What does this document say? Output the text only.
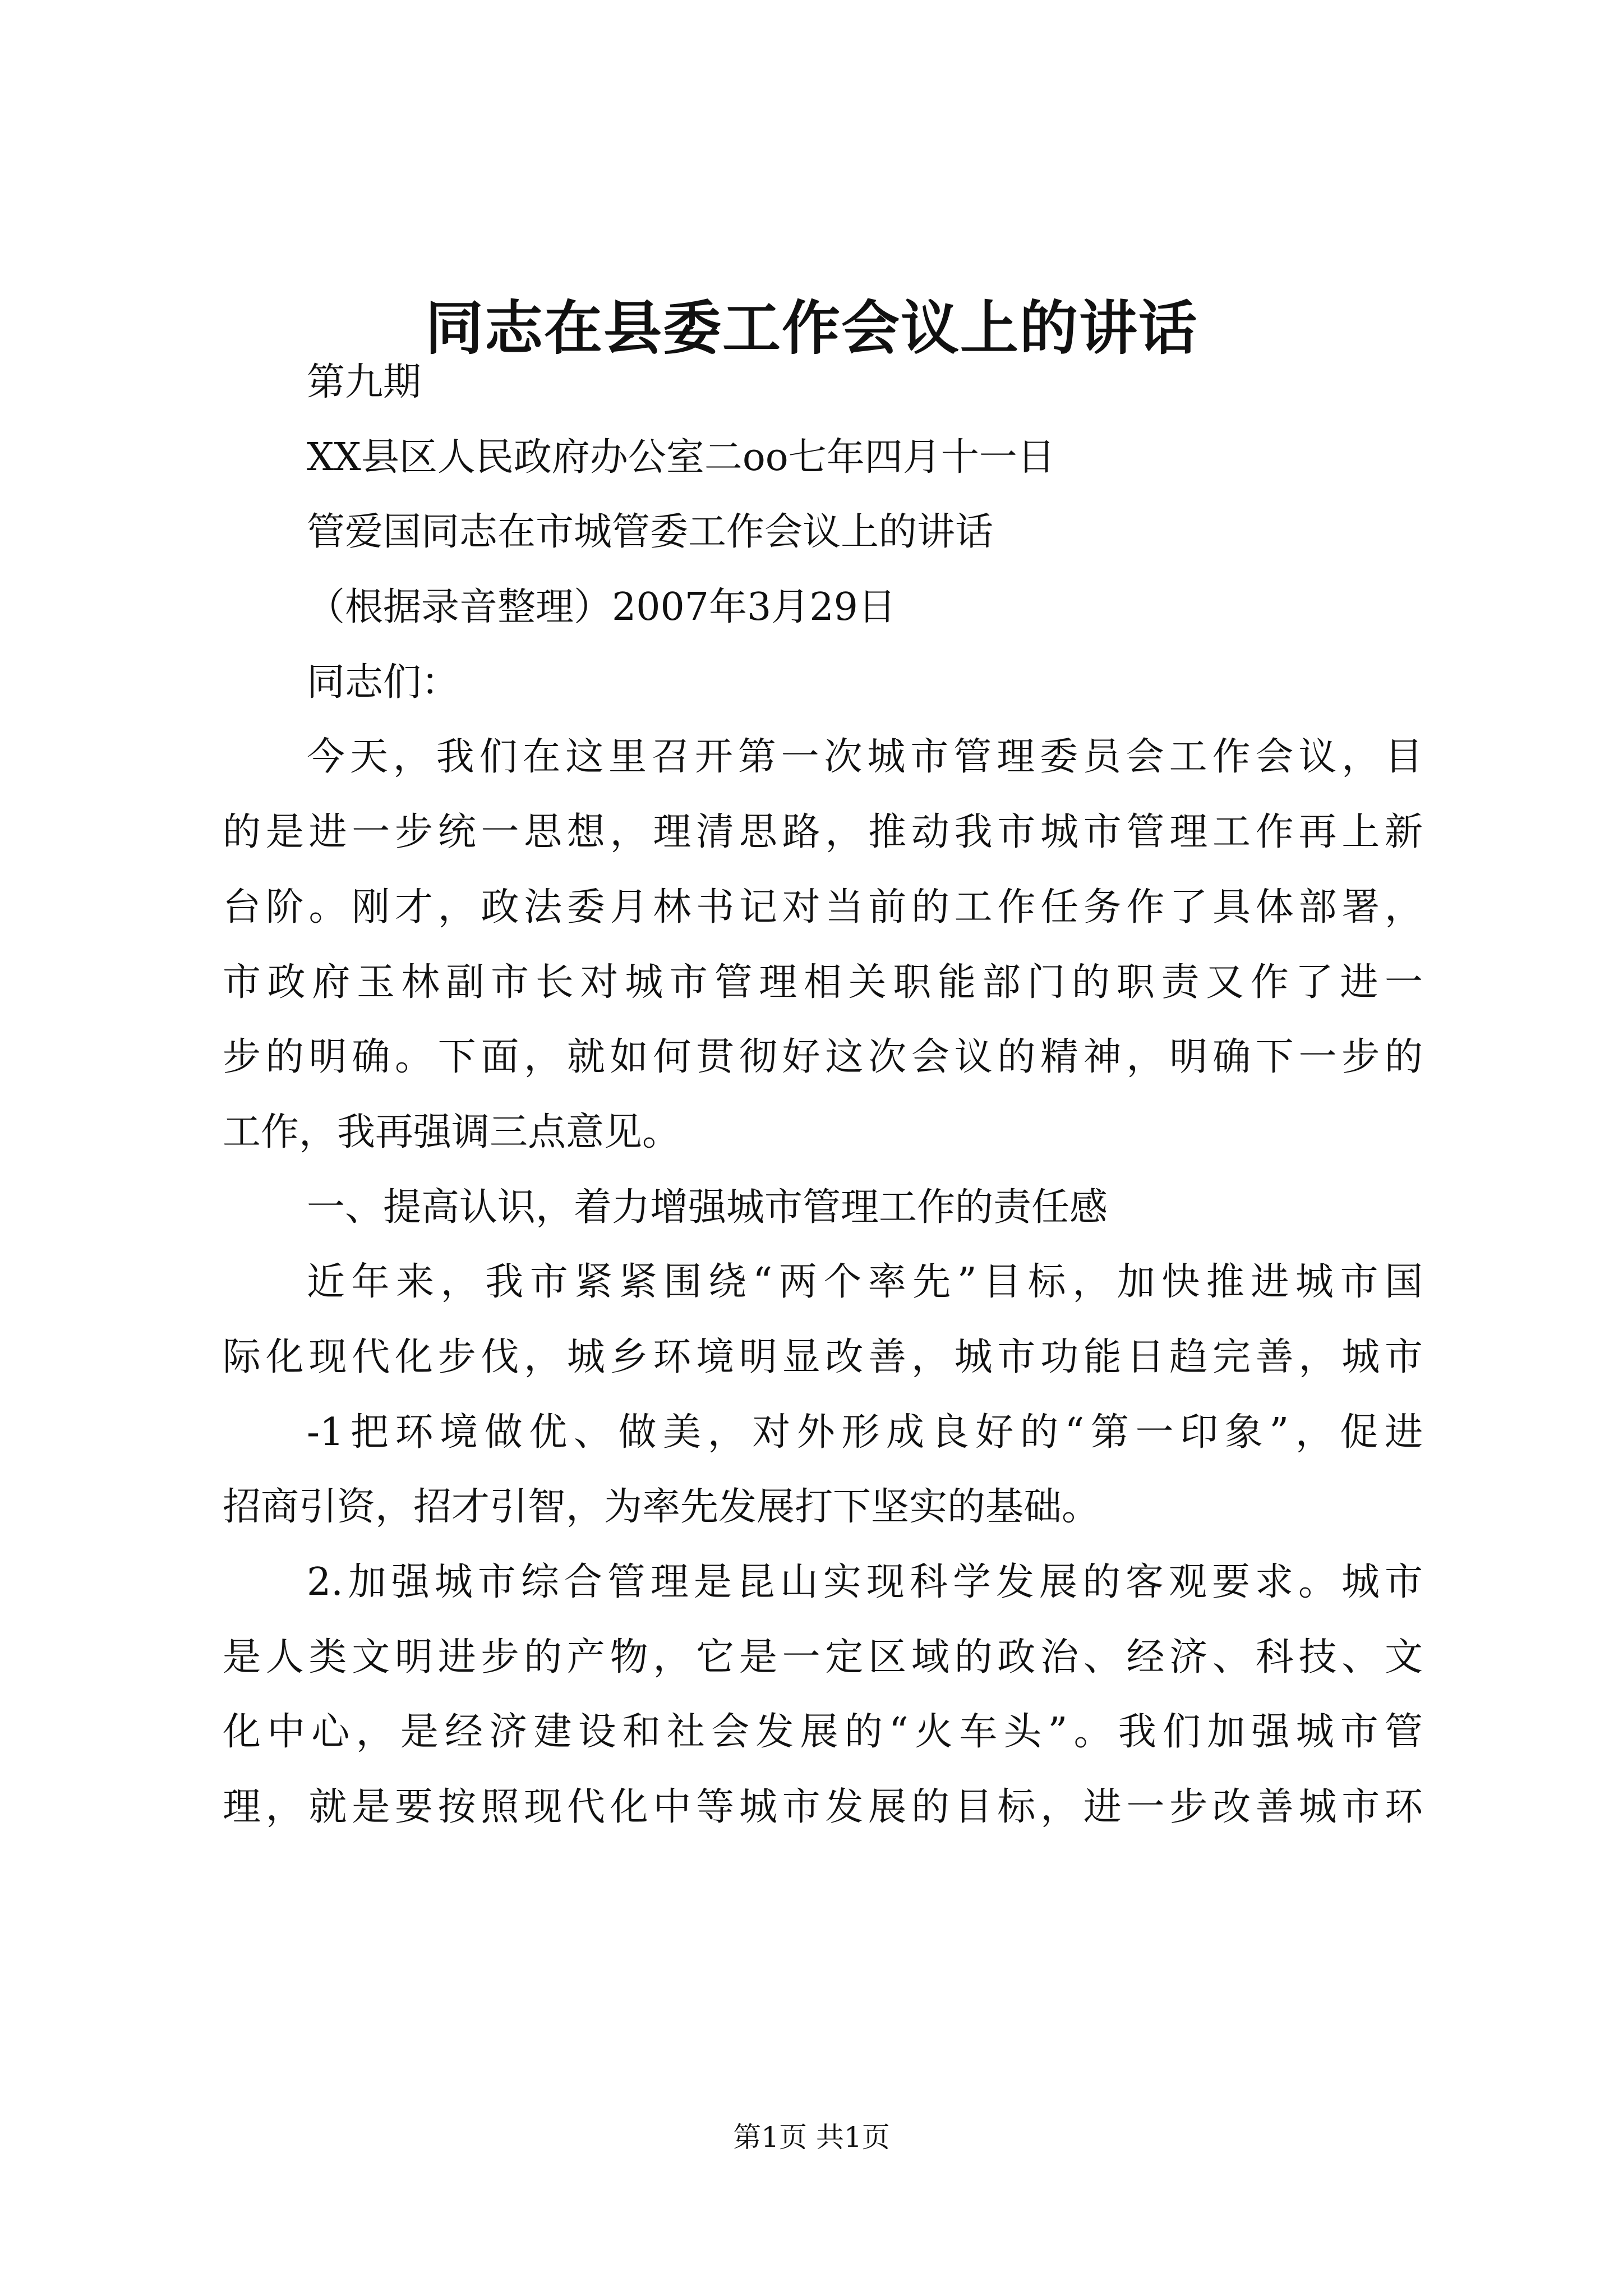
同志在县委工作会议上的讲话
第九期
XX县区人民政府办公室二oo七年四月十一日
管爱国同志在市城管委工作会议上的讲话
（根据录音整理）2007年3月29日
同志们：
今天，我们在这里召开第一次城市管理委员会工作会议，目
的是进一步统一思想，理清思路，推动我市城市管理工作再上新
台阶。刚才，政法委月林书记对当前的工作任务作了具体部署，
市政府玉林副市长对城市管理相关职能部门的职责又作了进一
步的明确。下面，就如何贯彻好这次会议的精神，明确下一步的
工作，我再强调三点意见。
一、提高认识，着力增强城市管理工作的责任感
近年来，我市紧紧围绕“两个率先”目标，加快推进城市国
际化现代化步伐，城乡环境明显改善，城市功能日趋完善，城市
-1把环境做优、做美，对外形成良好的“第一印象”，促进
招商引资，招才引智，为率先发展打下坚实的基础。
2.加强城市综合管理是昆山实现科学发展的客观要求。城市
是人类文明进步的产物，它是一定区域的政治、经济、科技、文
化中心，是经济建设和社会发展的“火车头”。我们加强城市管
理，就是要按照现代化中等城市发展的目标，进一步改善城市环
第1页 共1页
